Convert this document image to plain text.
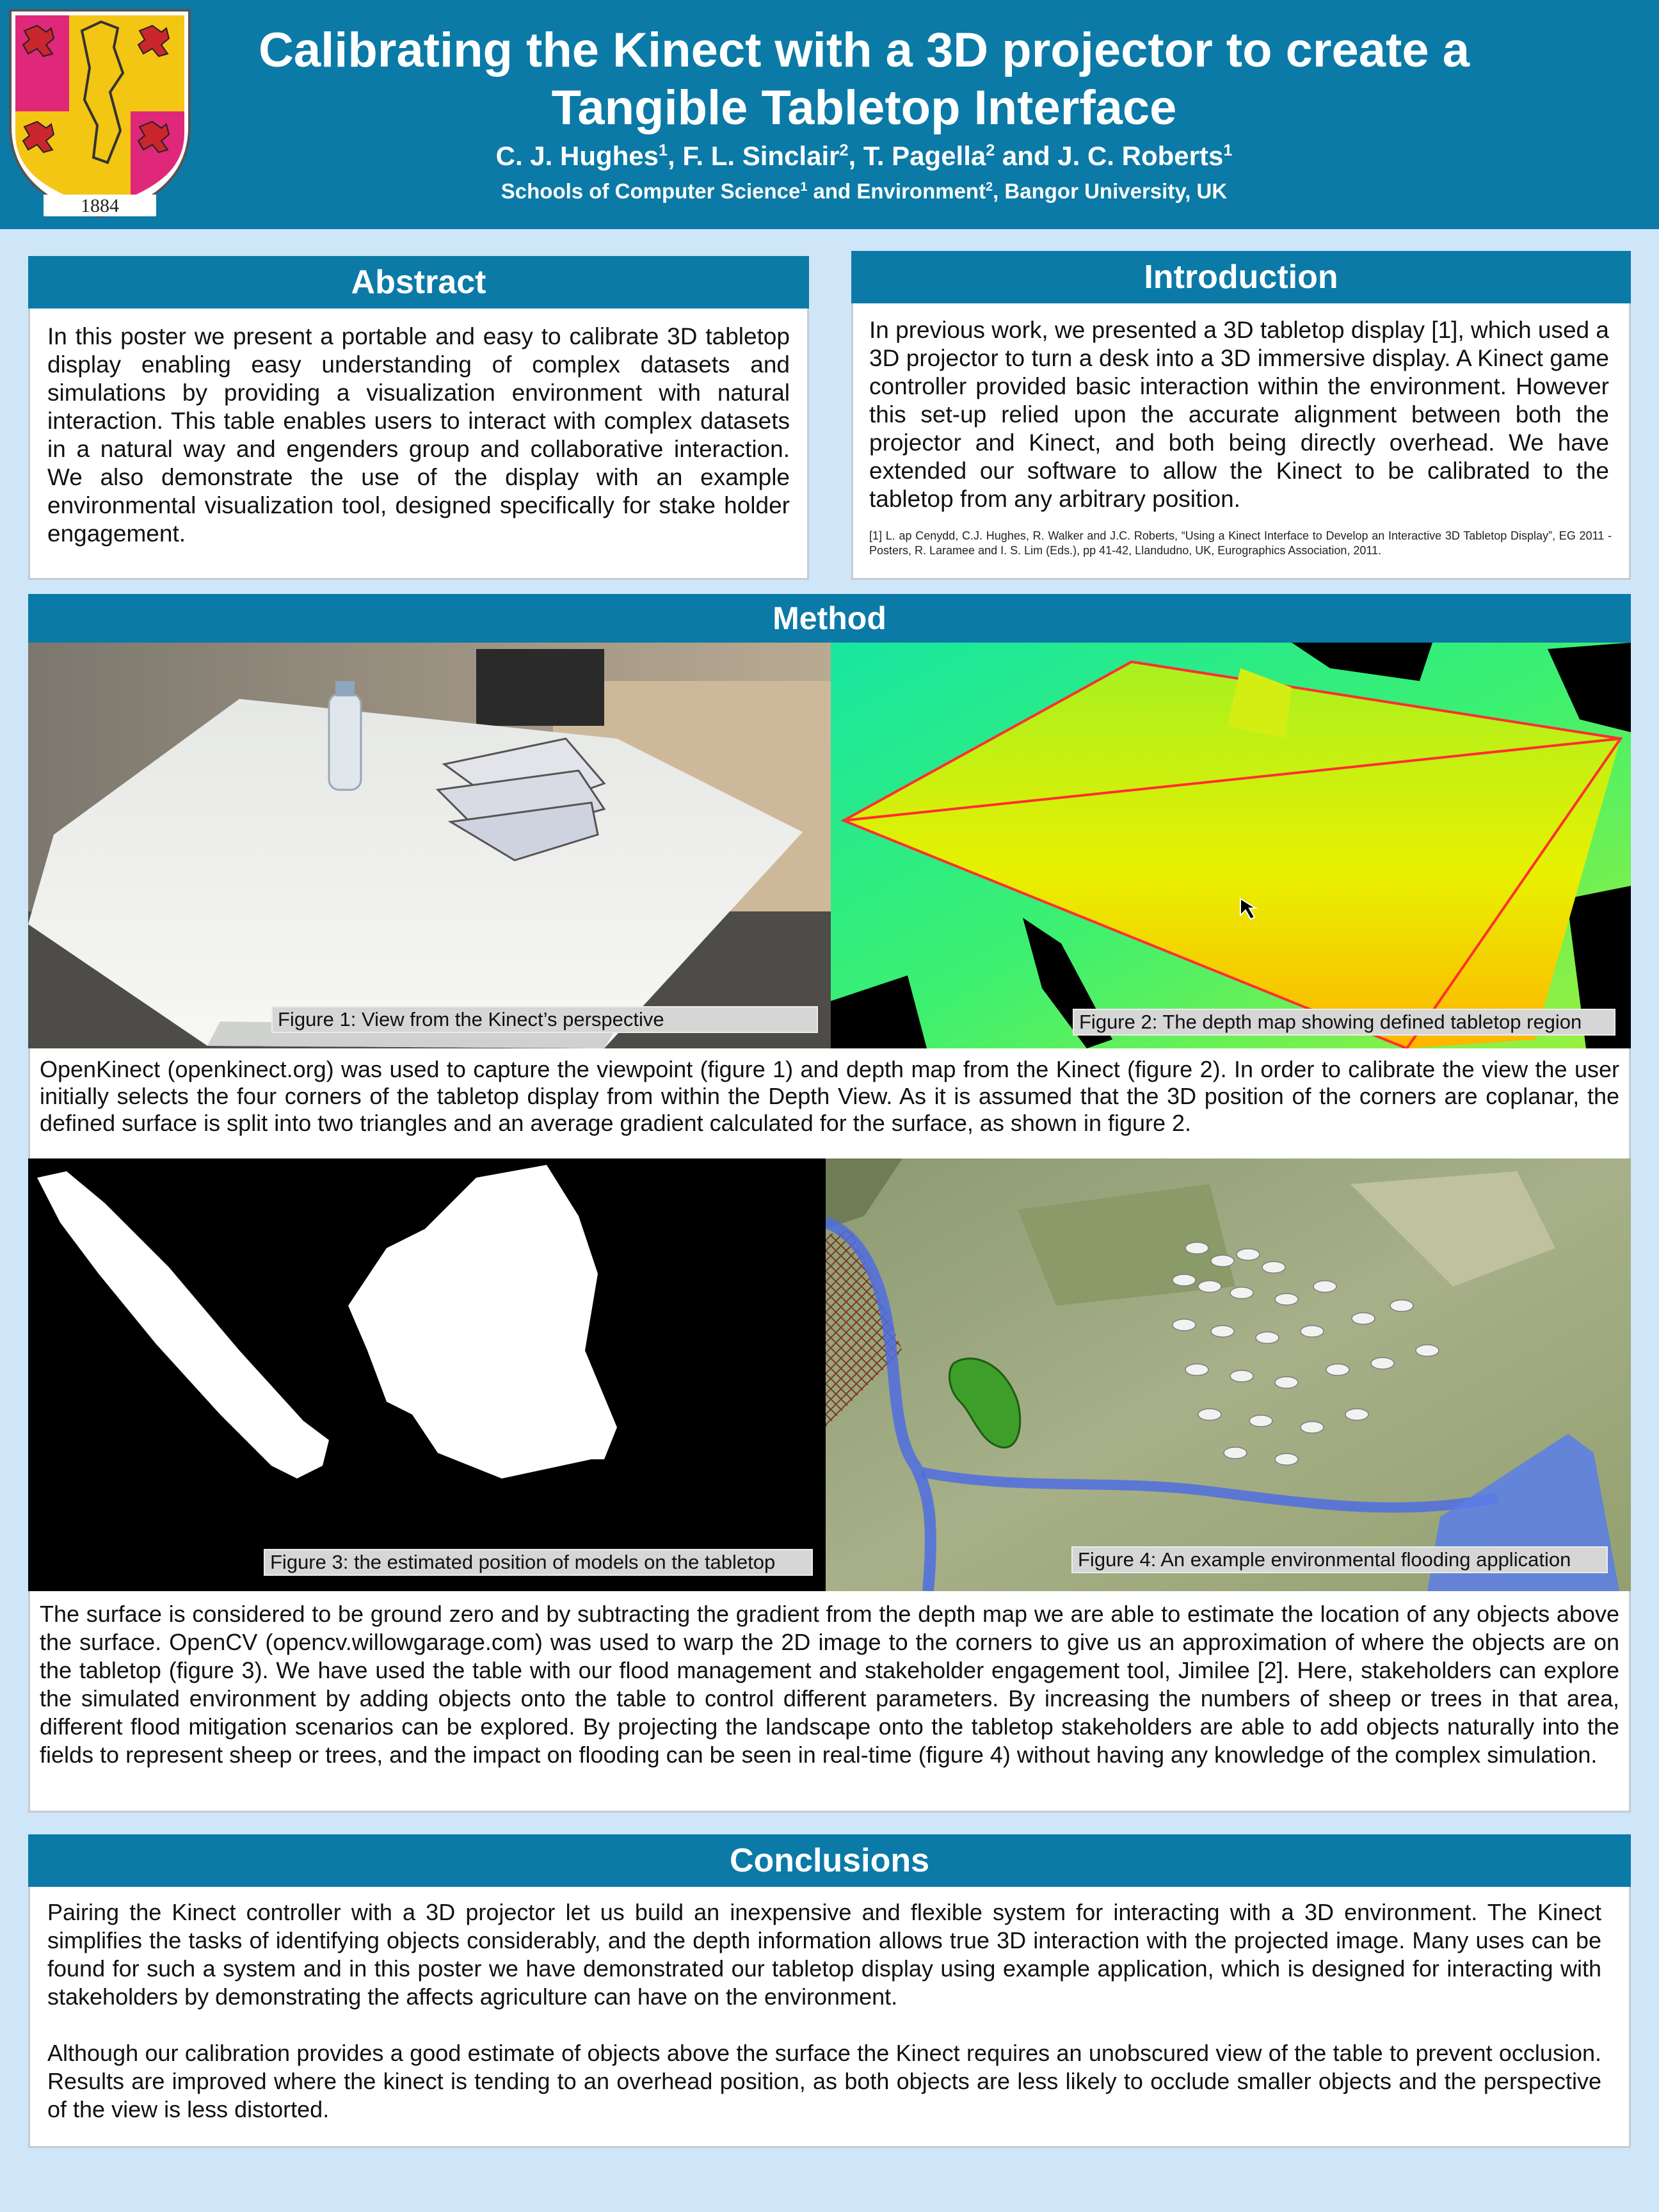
1884
Calibrating the Kinect with a 3D projector to create a
Tangible Tabletop Interface
C. J. Hughes$^1$, F. L. Sinclair$^2$, T. Pagella$^2$ and J. C. Roberts$^1$
Schools of Computer Science$^1$ and Environment$^2$, Bangor University, UK
Abstract
In this poster we present a portable and easy to calibrate 3D tabletop display enabling easy understanding of complex datasets and simulations by providing a visualization environment with natural interaction. This table enables users to interact with complex datasets in a natural way and engenders group and collaborative interaction. We also demonstrate the use of the display with an example environmental visualization tool, designed specifically for stake holder engagement.
Introduction
In previous work, we presented a 3D tabletop display [1], which used a 3D projector to turn a desk into a 3D immersive display. A Kinect game controller provided basic interaction within the environment. However this set-up relied upon the accurate alignment between both the projector and Kinect, and both being directly overhead. We have extended our software to allow the Kinect to be calibrated to the tabletop from any arbitrary position.
[1] L. ap Cenydd, C.J. Hughes, R. Walker and J.C. Roberts, “Using a Kinect Interface to Develop an Interactive 3D Tabletop Display”, EG 2011 - Posters, R. Laramee and I. S. Lim (Eds.), pp 41-42, Llandudno, UK, Eurographics Association, 2011.
Method
Figure 1: View from the Kinect’s perspective	Figure 2: The depth map showing defined tabletop region
OpenKinect (openkinect.org) was used to capture the viewpoint (figure 1) and depth map from the Kinect (figure 2). In order to calibrate the view the user initially selects the four corners of the tabletop display from within the Depth View. As it is assumed that the 3D position of the corners are coplanar, the defined surface is split into two triangles and an average gradient calculated for the surface, as shown in figure 2.
Figure 3: the estimated position of models on the tabletop	Figure 4: An example environmental flooding application
The surface is considered to be ground zero and by subtracting the gradient from the depth map we are able to estimate the location of any objects above the surface. OpenCV (opencv.willowgarage.com) was used to warp the 2D image to the corners to give us an approximation of where the objects are on the tabletop (figure 3). We have used the table with our flood management and stakeholder engagement tool, Jimilee [2]. Here, stakeholders can explore the simulated environment by adding objects onto the table to control different parameters. By increasing the numbers of sheep or trees in that area, different flood mitigation scenarios can be explored. By projecting the landscape onto the tabletop stakeholders are able to add objects naturally into the fields to represent sheep or trees, and the impact on flooding can be seen in real-time (figure 4) without having any knowledge of the complex simulation.
Conclusions
Pairing the Kinect controller with a 3D projector let us build an inexpensive and flexible system for interacting with a 3D environment. The Kinect simplifies the tasks of identifying objects considerably, and the depth information allows true 3D interaction with the projected image. Many uses can be found for such a system and in this poster we have demonstrated our tabletop display using example application, which is designed for interacting with stakeholders by demonstrating the affects agriculture can have on the environment.
Although our calibration provides a good estimate of objects above the surface the Kinect requires an unobscured view of the table to prevent occlusion. Results are improved where the kinect is tending to an overhead position, as both objects are less likely to occlude smaller objects and the perspective of the view is less distorted.
